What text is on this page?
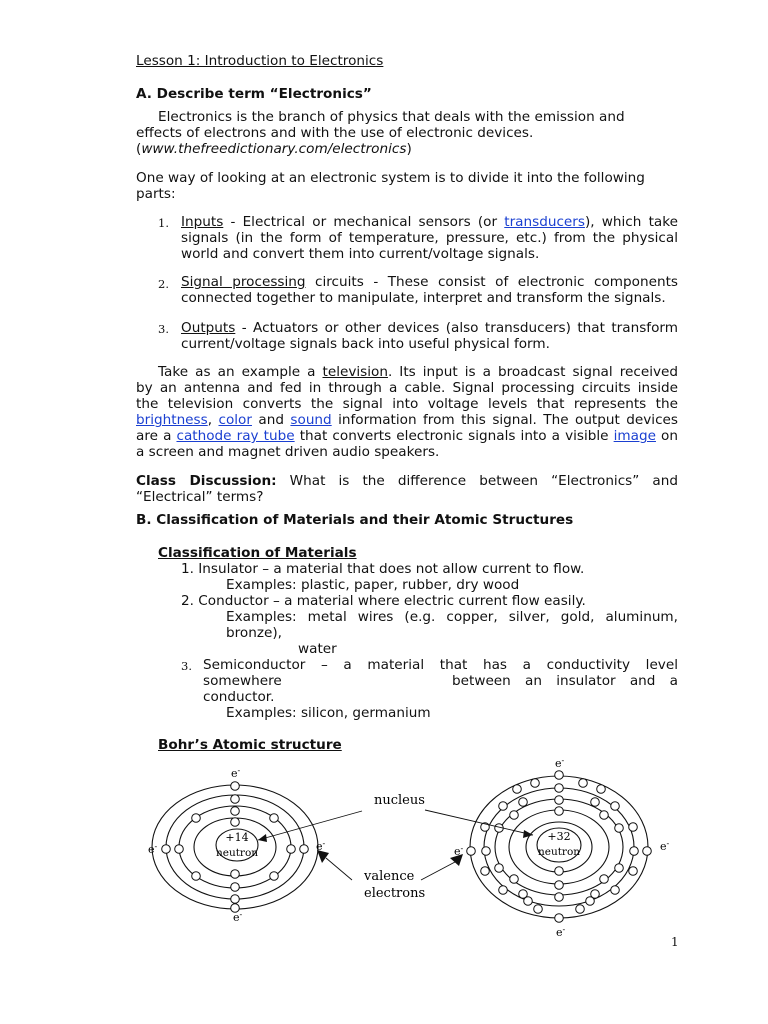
Lesson 1: Introduction to Electronics
A. Describe term “Electronics”
Electronics is the branch of physics that deals with the emission and
effects of electrons and with the use of electronic devices.
(www.thefreedictionary.com/electronics)
One way of looking at an electronic system is to divide it into the following
parts:
1. Inputs - Electrical or mechanical sensors (or transducers), which take
signals (in the form of temperature, pressure, etc.) from the physical
world and convert them into current/voltage signals.
2. Signal processing circuits - These consist of electronic components
connected together to manipulate, interpret and transform the signals.
3. Outputs - Actuators or other devices (also transducers) that transform
current/voltage signals back into useful physical form.
Take as an example a television. Its input is a broadcast signal received
by an antenna and fed in through a cable. Signal processing circuits inside
the television converts the signal into voltage levels that represents the
brightness, color and sound information from this signal. The output devices
are a cathode ray tube that converts electronic signals into a visible image on
a screen and magnet driven audio speakers.
Class Discussion: What is the difference between “Electronics” and
“Electrical” terms?
B. Classification of Materials and their Atomic Structures
Classification of Materials
1. Insulator – a material that does not allow current to flow.
Examples: plastic, paper, rubber, dry wood
2. Conductor – a material where electric current flow easily.
Examples: metal wires (e.g. copper, silver, gold, aluminum,
bronze),
water
3. Semiconductor – a material that has a conductivity level
somewhere	between an insulator and a
conductor.
Examples: silicon, germanium
Bohr’s Atomic structure
nucleus
valence
electrons
+14
neutron
+32
neutron
e-
e-
e-	e-
e-
e-
e-	e-
1
